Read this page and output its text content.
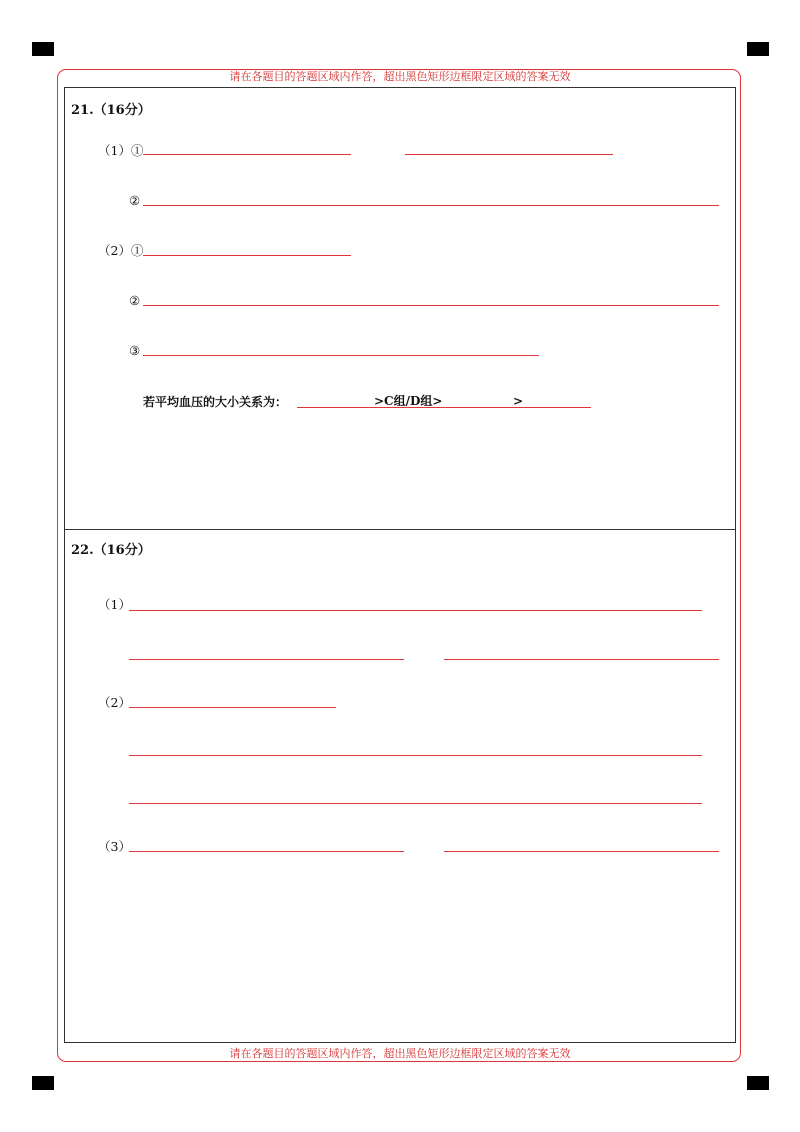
请在各题目的答题区域内作答，超出黑色矩形边框限定区域的答案无效
请在各题目的答题区域内作答，超出黑色矩形边框限定区域的答案无效
21.（16分）
（1）①
②
（2）①
②
③
若平均血压的大小关系为：	>C组/D组>	>
22.（16分）
（1）
（2）
（3）
